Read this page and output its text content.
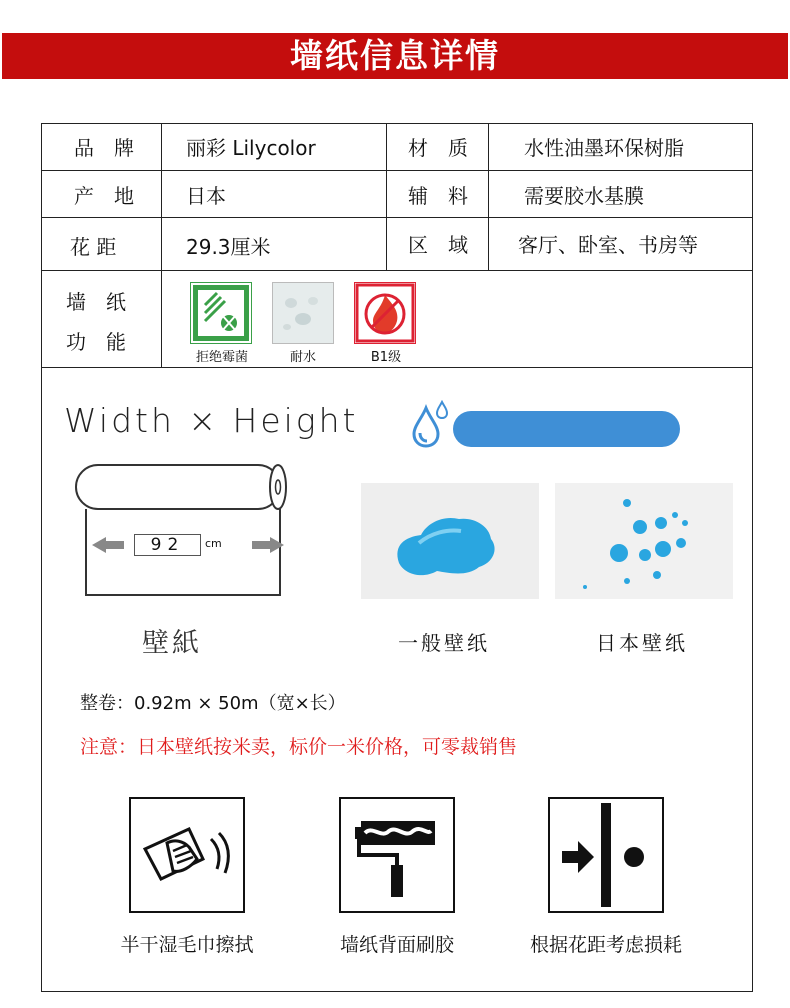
墙纸信息详情
品　牌	丽彩 Lilycolor	材　质	水性油墨环保树脂
产　地	日本	辅　料	需要胶水基膜
花 距	29.3厘米	区　域	客厅、卧室、书房等
墙　纸
功　能
拒绝霉菌	耐水	B1级
Width × Height
92	cm
壁紙	一般壁纸	日本壁纸
整卷：0.92m × 50m（宽×长）
注意：日本壁纸按米卖，标价一米价格，可零裁销售
半干湿毛巾擦拭	墙纸背面刷胶	根据花距考虑损耗
